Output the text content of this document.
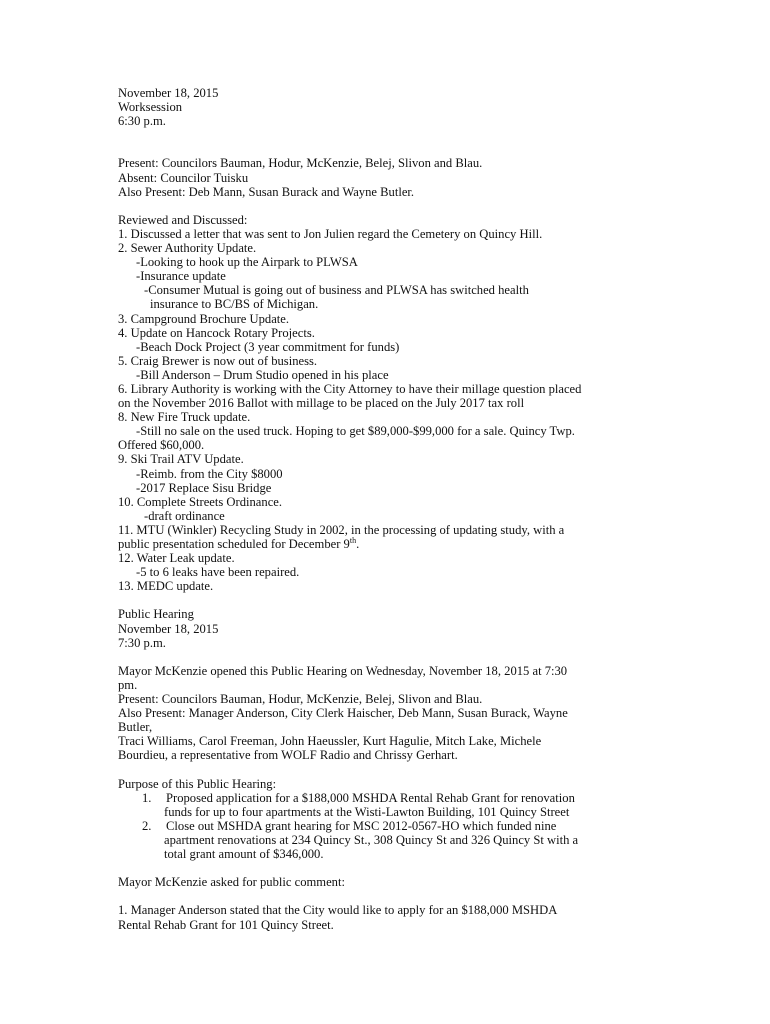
November 18, 2015
Worksession
6:30 p.m.
Present: Councilors Bauman, Hodur, McKenzie, Belej, Slivon and Blau.
Absent: Councilor Tuisku
Also Present: Deb Mann, Susan Burack and Wayne Butler.
Reviewed and Discussed:
1. Discussed a letter that was sent to Jon Julien regard the Cemetery on Quincy Hill.
2. Sewer Authority Update.
-Looking to hook up the Airpark to PLWSA
-Insurance update
-Consumer Mutual is going out of business and PLWSA has switched health
insurance to BC/BS of Michigan.
3. Campground Brochure Update.
4. Update on Hancock Rotary Projects.
-Beach Dock Project (3 year commitment for funds)
5. Craig Brewer is now out of business.
-Bill Anderson – Drum Studio opened in his place
6. Library Authority is working with the City Attorney to have their millage question placed
on the November 2016 Ballot with millage to be placed on the July 2017 tax roll
8. New Fire Truck update.
-Still no sale on the used truck. Hoping to get $89,000-$99,000 for a sale. Quincy Twp.
Offered $60,000.
9. Ski Trail ATV Update.
-Reimb. from the City $8000
-2017 Replace Sisu Bridge
10. Complete Streets Ordinance.
-draft ordinance
11. MTU (Winkler) Recycling Study in 2002, in the processing of updating study, with a
public presentation scheduled for December 9th.
12. Water Leak update.
-5 to 6 leaks have been repaired.
13. MEDC update.
Public Hearing
November 18, 2015
7:30 p.m.
Mayor McKenzie opened this Public Hearing on Wednesday, November 18, 2015 at 7:30
pm.
Present: Councilors Bauman, Hodur, McKenzie, Belej, Slivon and Blau.
Also Present: Manager Anderson, City Clerk Haischer, Deb Mann, Susan Burack, Wayne
Butler,
Traci Williams, Carol Freeman, John Haeussler, Kurt Hagulie, Mitch Lake, Michele
Bourdieu, a representative from WOLF Radio and Chrissy Gerhart.
Purpose of this Public Hearing:
1.	Proposed application for a $188,000 MSHDA Rental Rehab Grant for renovation
funds for up to four apartments at the Wisti-Lawton Building, 101 Quincy Street
2.	Close out MSHDA grant hearing for MSC 2012-0567-HO which funded nine
apartment renovations at 234 Quincy St., 308 Quincy St and 326 Quincy St with a
total grant amount of $346,000.
Mayor McKenzie asked for public comment:
1. Manager Anderson stated that the City would like to apply for an $188,000 MSHDA
Rental Rehab Grant for 101 Quincy Street.
